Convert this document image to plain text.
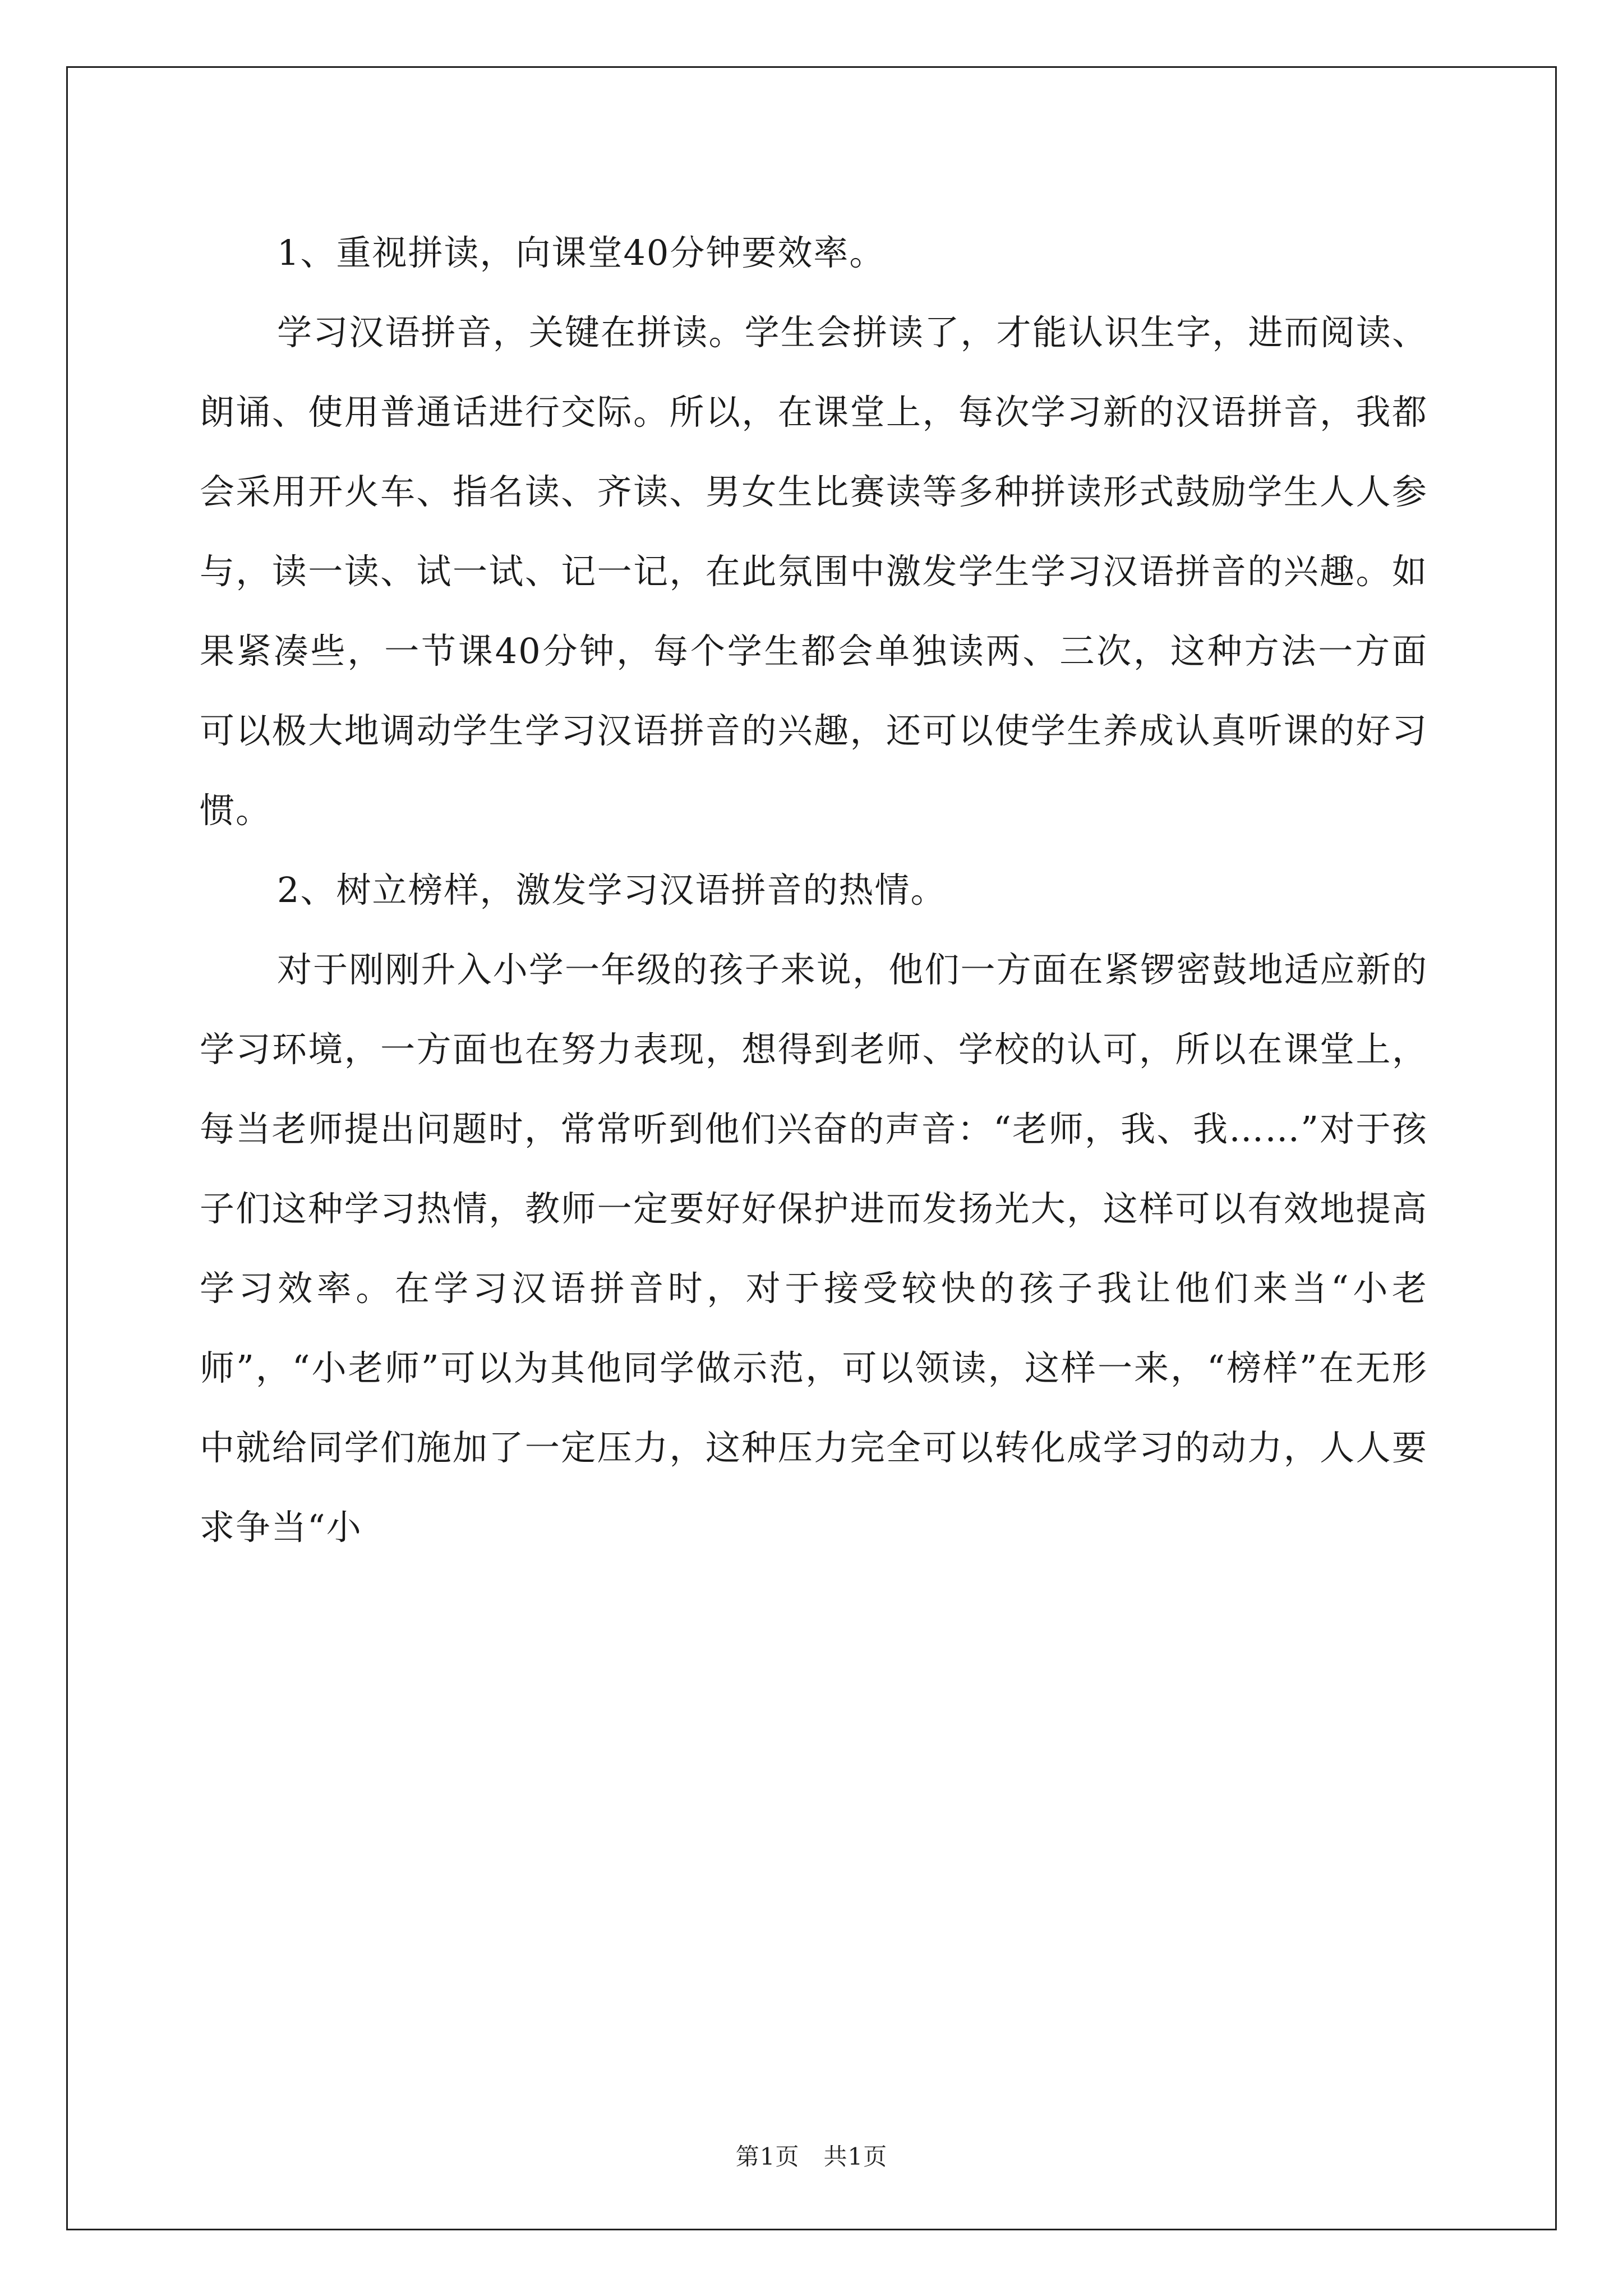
1、重视拼读，向课堂40分钟要效率。

学习汉语拼音，关键在拼读。学生会拼读了，才能认识生字，进而阅读、朗诵、使用普通话进行交际。所以，在课堂上，每次学习新的汉语拼音，我都会采用开火车、指名读、齐读、男女生比赛读等多种拼读形式鼓励学生人人参与，读一读、试一试、记一记，在此氛围中激发学生学习汉语拼音的兴趣。如果紧凑些，一节课40分钟，每个学生都会单独读两、三次，这种方法一方面可以极大地调动学生学习汉语拼音的兴趣，还可以使学生养成认真听课的好习惯。

2、树立榜样，激发学习汉语拼音的热情。

对于刚刚升入小学一年级的孩子来说，他们一方面在紧锣密鼓地适应新的学习环境，一方面也在努力表现，想得到老师、学校的认可，所以在课堂上，每当老师提出问题时，常常听到他们兴奋的声音：“老师，我、我……”对于孩子们这种学习热情，教师一定要好好保护进而发扬光大，这样可以有效地提高学习效率。在学习汉语拼音时，对于接受较快的孩子我让他们来当“小老师”，“小老师”可以为其他同学做示范，可以领读，这样一来，“榜样”在无形中就给同学们施加了一定压力，这种压力完全可以转化成学习的动力，人人要求争当“小

第1页 共1页
